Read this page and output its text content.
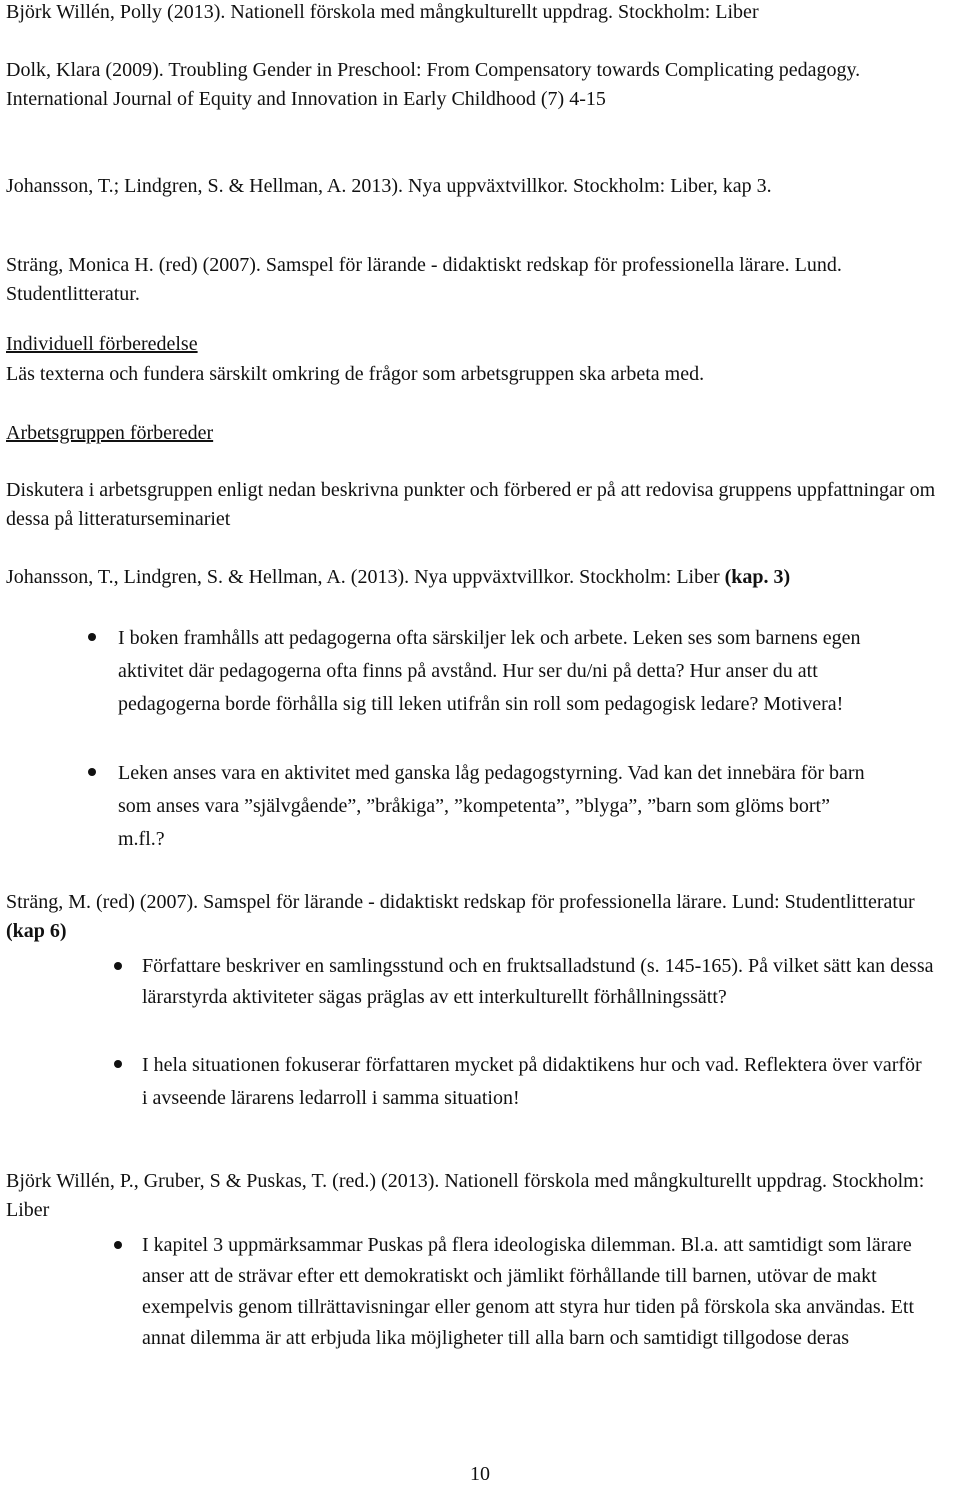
Björk Willén, Polly (2013). Nationell förskola med mångkulturellt uppdrag. Stockholm: Liber

Dolk, Klara (2009). Troubling Gender in Preschool: From Compensatory towards Complicating pedagogy. International Journal of Equity and Innovation in Early Childhood (7) 4-15

Johansson, T.; Lindgren, S. & Hellman, A. 2013). Nya uppväxtvillkor. Stockholm: Liber, kap 3.

Sträng, Monica H. (red) (2007). Samspel för lärande - didaktiskt redskap för professionella lärare. Lund. Studentlitteratur.

Individuell förberedelse

Läs texterna och fundera särskilt omkring de frågor som arbetsgruppen ska arbeta med.

Arbetsgruppen förbereder

Diskutera i arbetsgruppen enligt nedan beskrivna punkter och förbered er på att redovisa gruppens uppfattningar om dessa på litteraturseminariet

Johansson, T., Lindgren, S. & Hellman, A. (2013). Nya uppväxtvillkor. Stockholm: Liber (kap. 3)

I boken framhålls att pedagogerna ofta särskiljer lek och arbete. Leken ses som barnens egen aktivitet där pedagogerna ofta finns på avstånd. Hur ser du/ni på detta? Hur anser du att pedagogerna borde förhålla sig till leken utifrån sin roll som pedagogisk ledare? Motivera!

Leken anses vara en aktivitet med ganska låg pedagogstyrning. Vad kan det innebära för barn som anses vara ”självgående”, ”bråkiga”, ”kompetenta”, ”blyga”, ”barn som glöms bort” m.fl.?

Sträng, M. (red) (2007). Samspel för lärande - didaktiskt redskap för professionella lärare. Lund: Studentlitteratur (kap 6)

Författare beskriver en samlingsstund och en fruktsalladstund (s. 145-165). På vilket sätt kan dessa lärarstyrda aktiviteter sägas präglas av ett interkulturellt förhållningssätt?

I hela situationen fokuserar författaren mycket på didaktikens hur och vad. Reflektera över varför i avseende lärarens ledarroll i samma situation!

Björk Willén, P., Gruber, S & Puskas, T. (red.) (2013). Nationell förskola med mångkulturellt uppdrag. Stockholm: Liber

I kapitel 3 uppmärksammar Puskas på flera ideologiska dilemman. Bl.a. att samtidigt som lärare anser att de strävar efter ett demokratiskt och jämlikt förhållande till barnen, utövar de makt exempelvis genom tillrättavisningar eller genom att styra hur tiden på förskola ska användas. Ett annat dilemma är att erbjuda lika möjligheter till alla barn och samtidigt tillgodose deras

10
